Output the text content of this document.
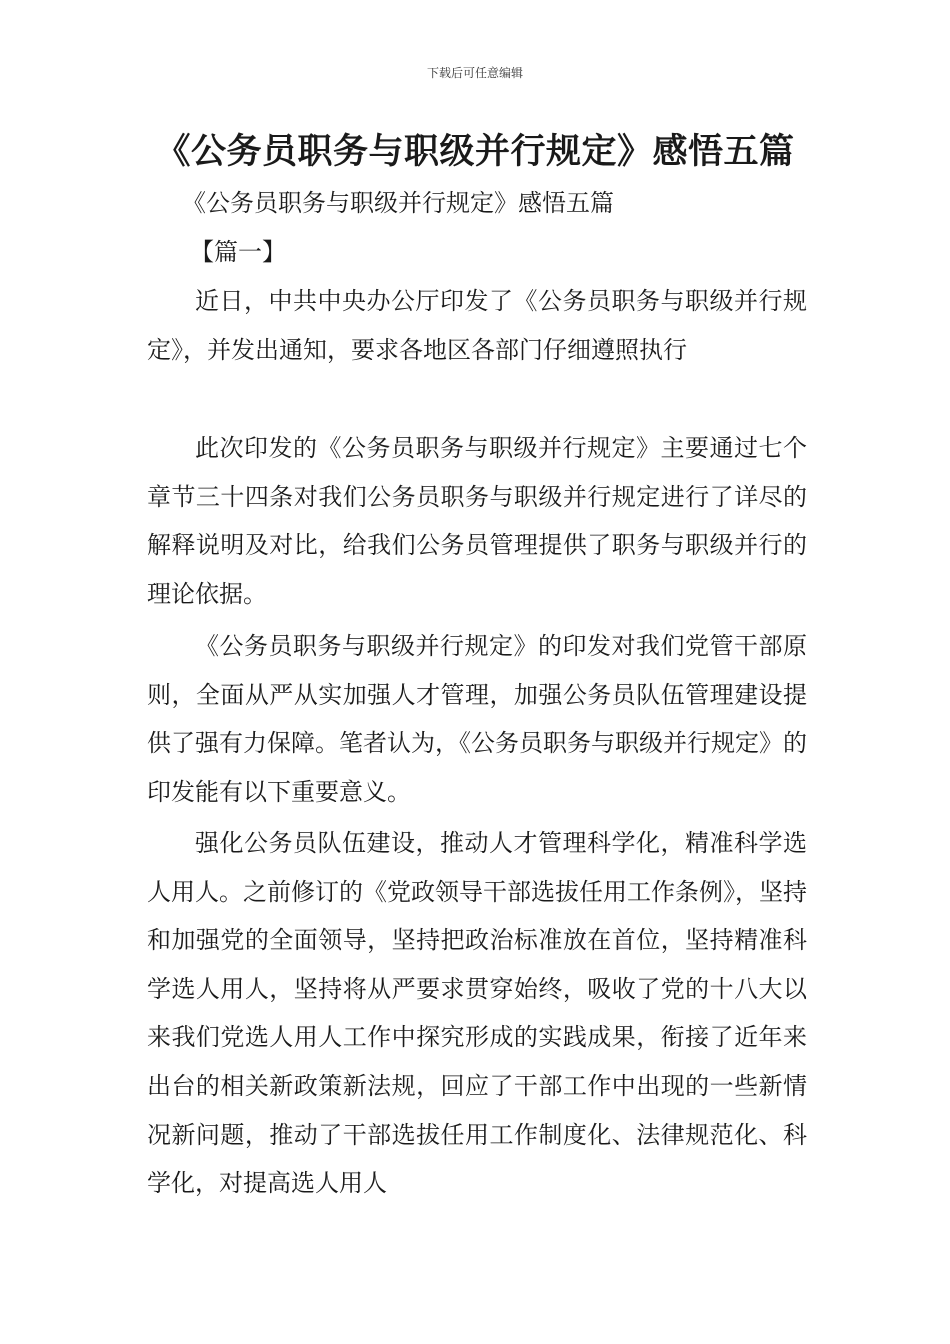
下载后可任意编辑
《公务员职务与职级并行规定》感悟五篇
《公务员职务与职级并行规定》感悟五篇
【篇一】

近日，中共中央办公厅印发了《公务员职务与职级并行规定》，并发出通知，要求各地区各部门仔细遵照执行

此次印发的《公务员职务与职级并行规定》主要通过七个章节三十四条对我们公务员职务与职级并行规定进行了详尽的解释说明及对比，给我们公务员管理提供了职务与职级并行的理论依据。

《公务员职务与职级并行规定》的印发对我们党管干部原则，全面从严从实加强人才管理，加强公务员队伍管理建设提供了强有力保障。笔者认为，《公务员职务与职级并行规定》的印发能有以下重要意义。

强化公务员队伍建设，推动人才管理科学化，精准科学选人用人。之前修订的《党政领导干部选拔任用工作条例》，坚持和加强党的全面领导，坚持把政治标准放在首位，坚持精准科学选人用人，坚持将从严要求贯穿始终，吸收了党的十八大以来我们党选人用人工作中探究形成的实践成果，衔接了近年来出台的相关新政策新法规，回应了干部工作中出现的一些新情况新问题，推动了干部选拔任用工作制度化、法律规范化、科学化，对提高选人用人
